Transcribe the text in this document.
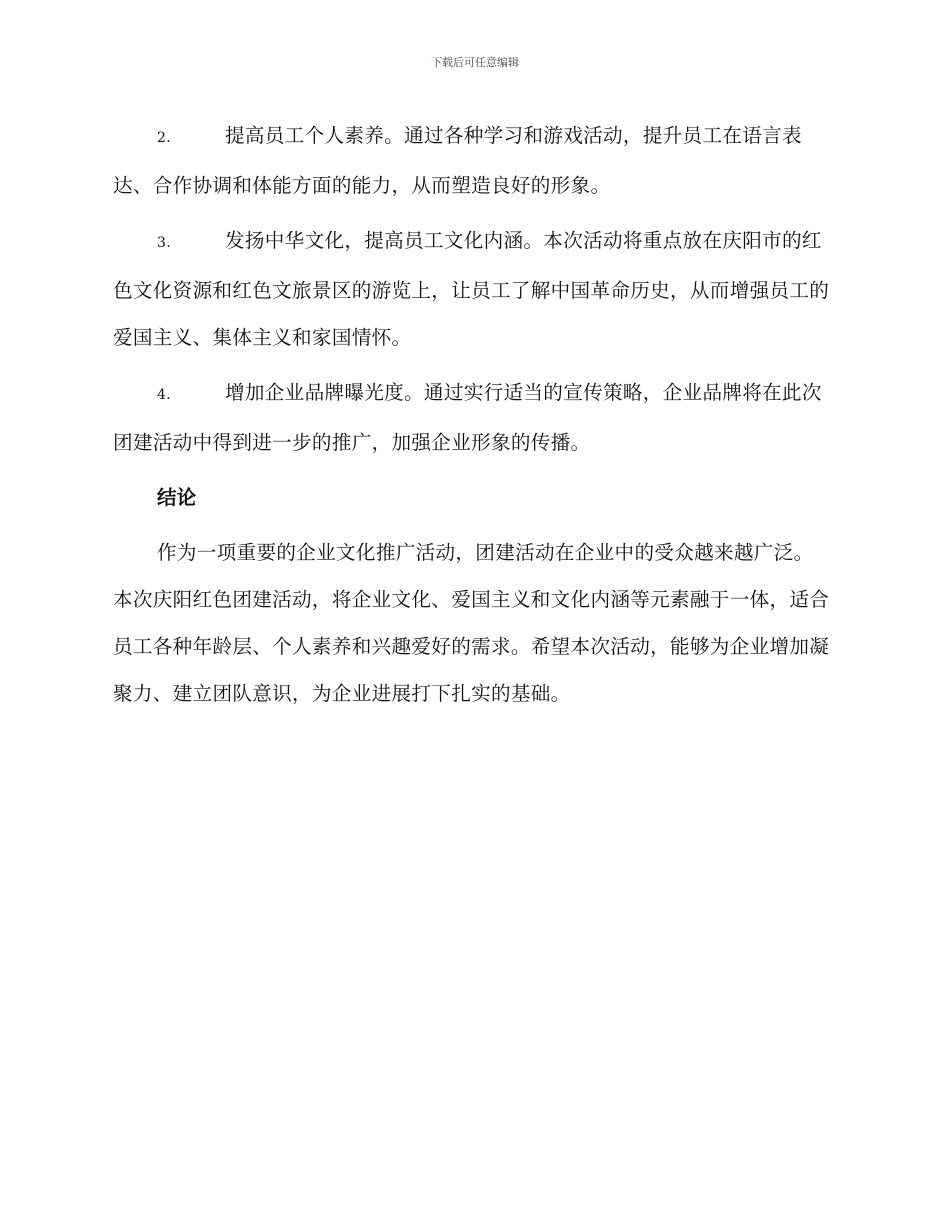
下载后可任意编辑

2.	提高员工个人素养。通过各种学习和游戏活动，提升员工在语言表达、合作协调和体能方面的能力，从而塑造良好的形象。

3.	发扬中华文化，提高员工文化内涵。本次活动将重点放在庆阳市的红色文化资源和红色文旅景区的游览上，让员工了解中国革命历史，从而增强员工的爱国主义、集体主义和家国情怀。

4.	增加企业品牌曝光度。通过实行适当的宣传策略，企业品牌将在此次团建活动中得到进一步的推广，加强企业形象的传播。

结论

作为一项重要的企业文化推广活动，团建活动在企业中的受众越来越广泛。本次庆阳红色团建活动，将企业文化、爱国主义和文化内涵等元素融于一体，适合员工各种年龄层、个人素养和兴趣爱好的需求。希望本次活动，能够为企业增加凝聚力、建立团队意识，为企业进展打下扎实的基础。
